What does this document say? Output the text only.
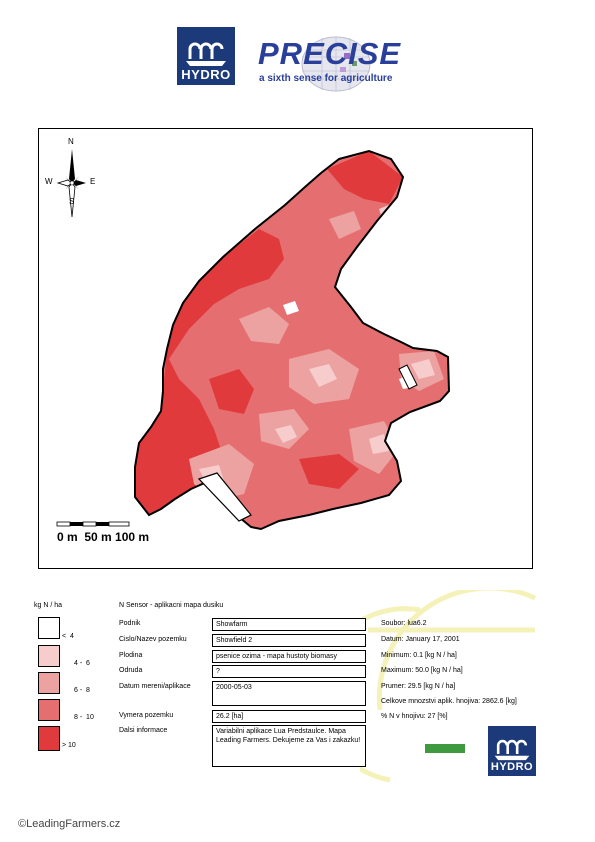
HYDRO
PRECISE
a sixth sense for agriculture
N
S
W	E
0 m  50 m 100 m
kg N / ha
<  4
4 -  6
6 -  8
8 -  10
> 10
N Sensor - aplikacni mapa dusiku
Podnik	Showfarm
Cislo/Nazev pozemku	Showfield 2
Plodina	psenice ozima - mapa hustoty biomasy
Odruda	?
Datum mereni/aplikace	2000-05-03
Vymera pozemku	26.2 [ha]
Dalsi informace	Variabilni aplikace Lua Predstaulce. Mapa Leading Farmers. Dekujeme za Vas i zakazku!
Soubor: lua6.2
Datum: January 17, 2001
Minimum: 0.1 [kg N / ha]
Maximum: 50.0 [kg N / ha]
Prumer: 29.5 [kg N / ha]
Celkove mnozstvi aplik. hnojiva: 2862.6 [kg]
% N v hnojivu: 27 [%]
HYDRO
©LeadingFarmers.cz
